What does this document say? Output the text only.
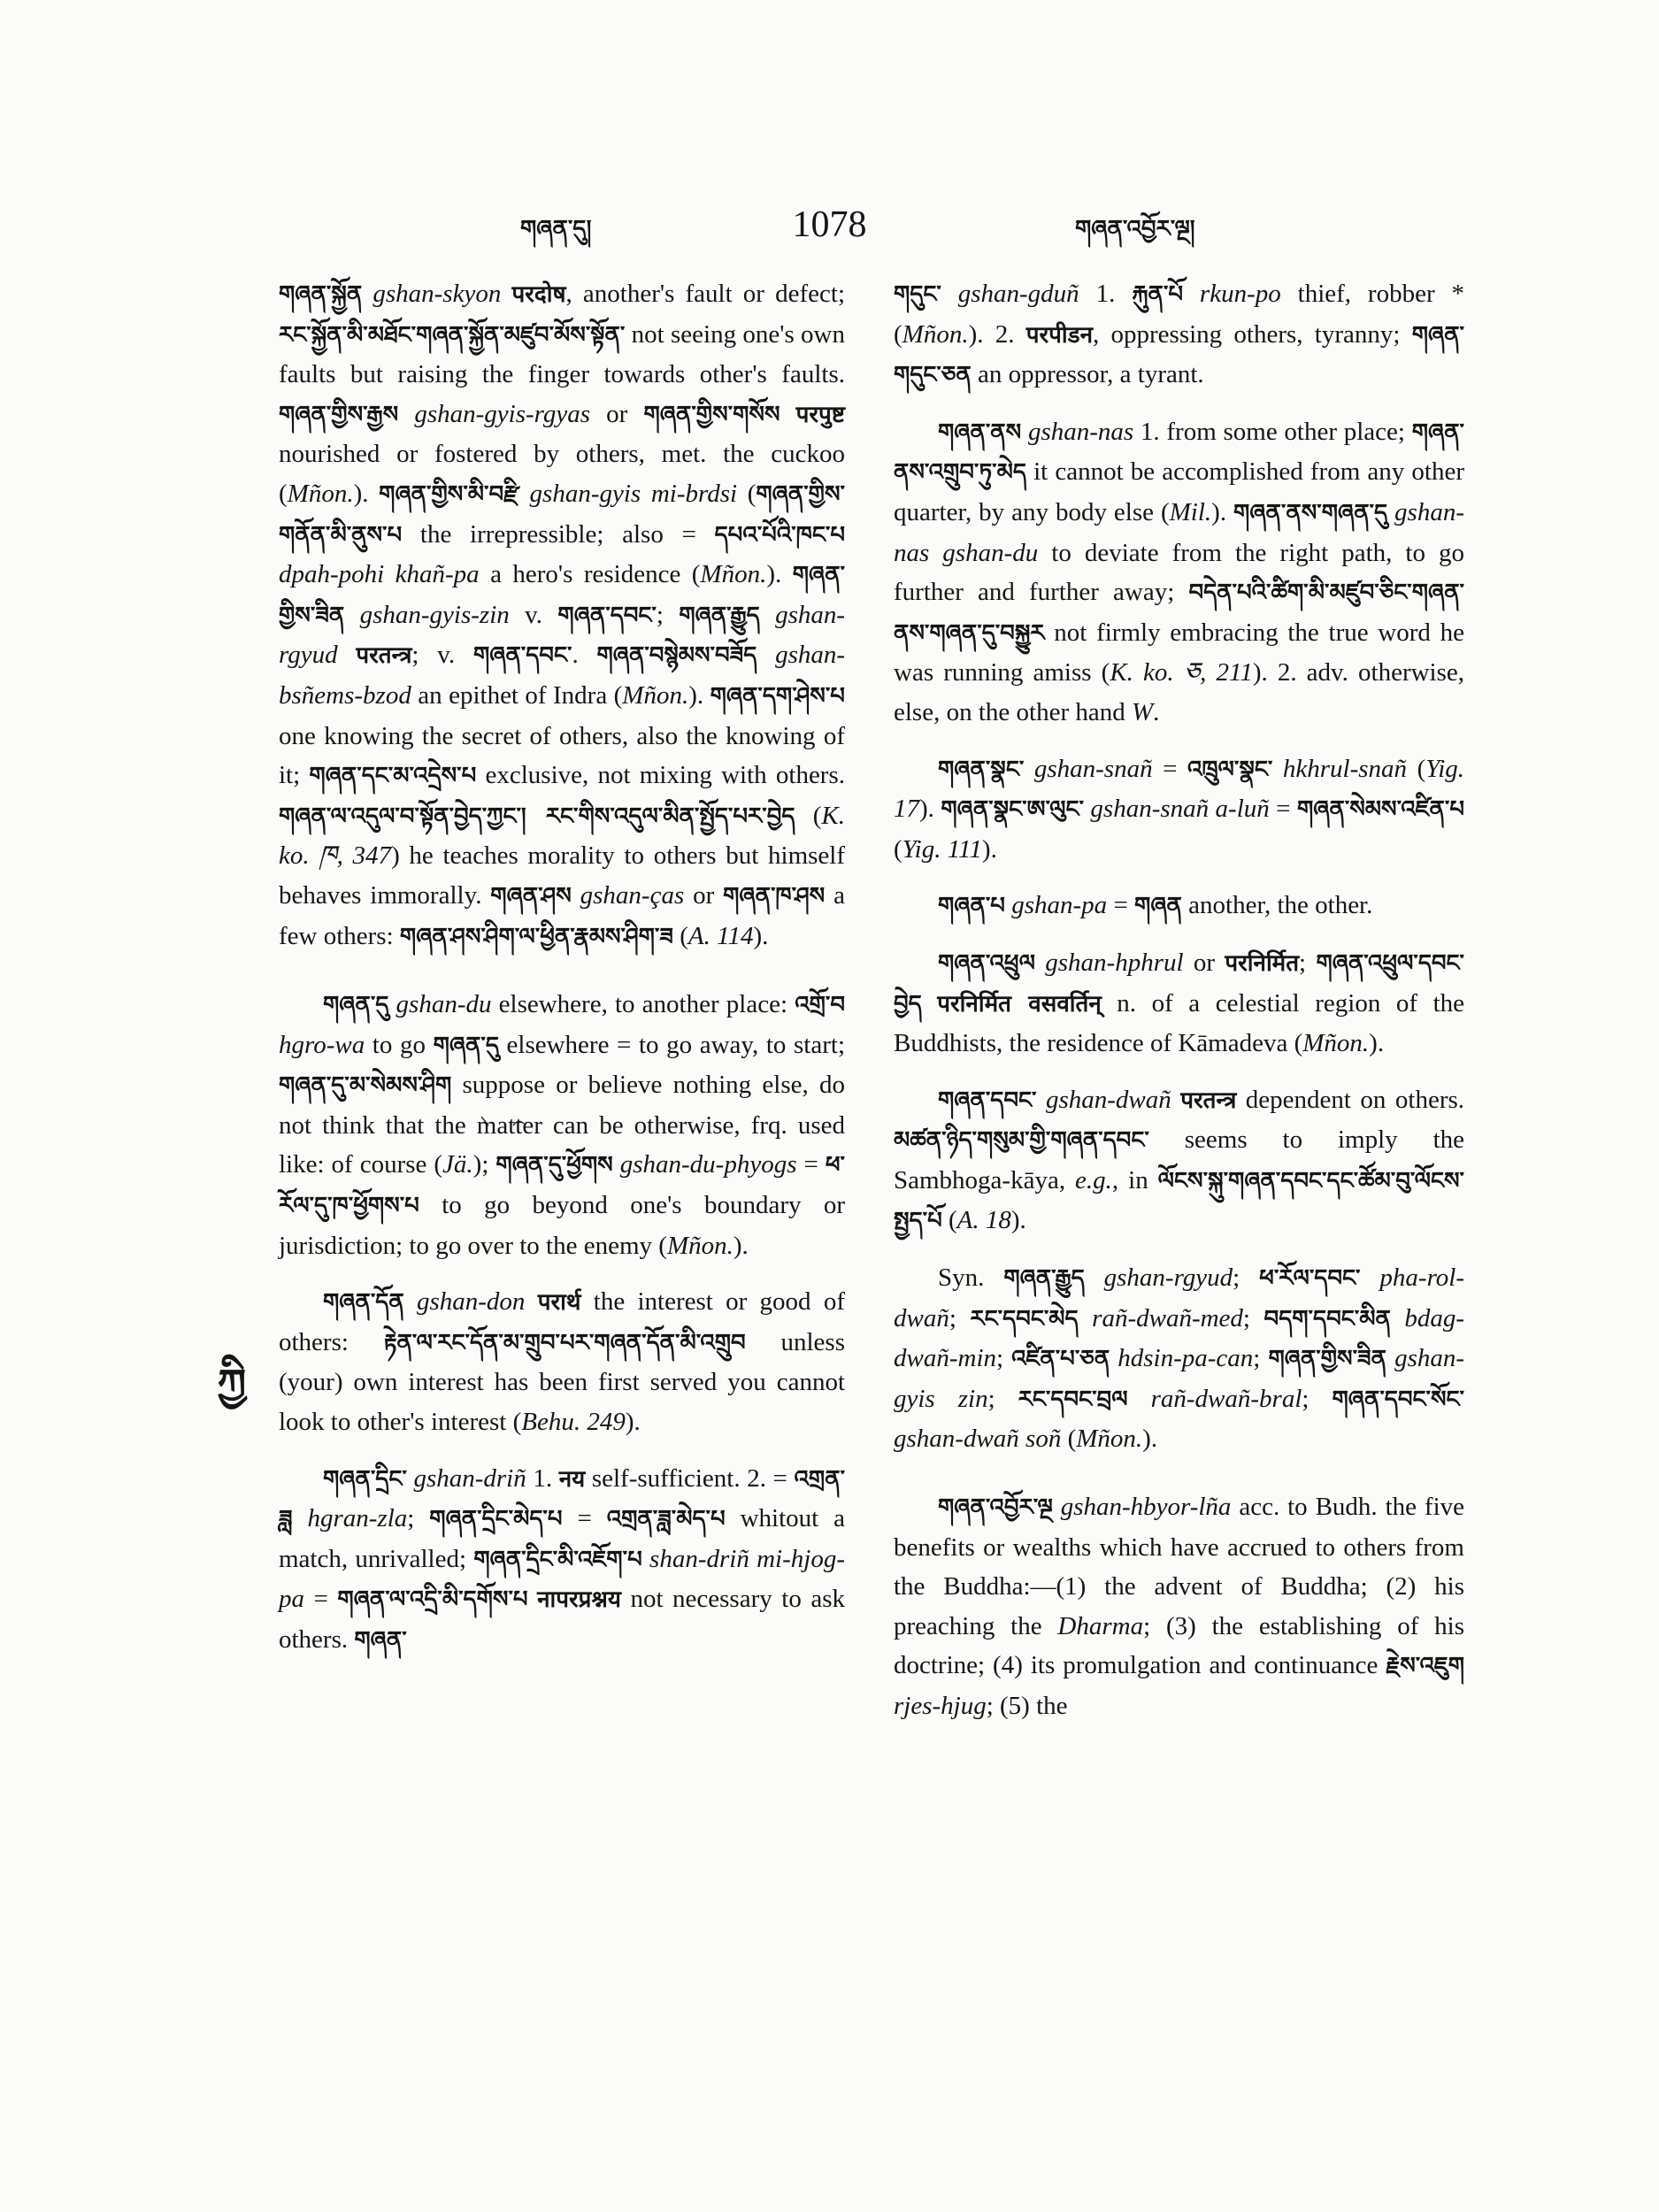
གཞན་དུ།	1078	གཞན་འབྱོར་ལྔ།
ཀྱི

གཞན་སྐྱོན gshan-skyon परदोष, another's fault or defect; རང་སྐྱོན་མི་མཐོང་གཞན་སྐྱོན་མཛུབ་མོས་སྟོན་ not seeing one's own faults but raising the finger towards other's faults. གཞན་གྱིས་རྒྱས gshan-gyis-rgyas or གཞན་གྱིས་གསོས परपुष्ट nourished or fostered by others, met. the cuckoo (Mñon.). གཞན་གྱིས་མི་བརྫི gshan-gyis mi-brdsi (གཞན་གྱིས་གནོན་མི་ནུས་པ the irrepressible; also = དཔའ་པོའི་ཁང་པ dpah-pohi khañ-pa a hero's residence (Mñon.). གཞན་གྱིས་ཟིན gshan-gyis-zin v. གཞན་དབང་; གཞན་རྒྱུད gshan-rgyud परतन्त्र; v. གཞན་དབང་. གཞན་བསྙེམས་བཟོད gshan-bsñems-bzod an epithet of Indra (Mñon.). གཞན་དག་ཤེས་པ one knowing the secret of others, also the knowing of it; གཞན་དང་མ་འདྲེས་པ exclusive, not mixing with others. གཞན་ལ་འདུལ་བ་སྟོན་བྱེད་ཀྱང་། རང་གིས་འདུལ་མིན་སྤྱོད་པར་བྱེད (K. ko. ཁ, 347) he teaches morality to others but himself behaves immorally. གཞན་ཤས gshan-ças or གཞན་ཁ་ཤས a few others: གཞན་ཤས་ཤིག་ལ་ཕྱིན་རྣམས་ཤིག་ཟ (A. 114).

གཞན་དུ gshan-du elsewhere, to another place: འགྲོ་བ hgro-wa to go གཞན་དུ elsewhere = to go away, to start; གཞན་དུ་མ་སེམས་ཤིག suppose or believe nothing else, do not think that the matter can be otherwise, frq. used like: of course (Jä.); གཞན་དུ་ཕྱོགས gshan-du-phyogs = ཕ་རོལ་དུ་ཁ་ཕྱོགས་པ to go beyond one's boundary or jurisdiction; to go over to the enemy (Mñon.).

གཞན་དོན gshan-don परार्थ the interest or good of others: རྟེན་ལ་རང་དོན་མ་གྲུབ་པར་གཞན་དོན་མི་འགྲུབ unless (your) own interest has been first served you cannot look to other's interest (Behu. 249).

གཞན་དྲིང་ gshan-driñ 1. नय self-sufficient. 2. = འགྲན་ཟླ hgran-zla; གཞན་དྲིང་མེད་པ = འགྲན་ཟླ་མེད་པ whitout a match, unrivalled; གཞན་དྲིང་མི་འཇོག་པ shan-driñ mi-hjog-pa = གཞན་ལ་འདྲི་མི་དགོས་པ नापरप्रश्नय not necessary to ask others. གཞན་

གདུང་ gshan-gduñ 1. རྐུན་པོ rkun-po thief, robber * (Mñon.). 2. परपीडन, oppressing others, tyranny; གཞན་གདུང་ཅན an oppressor, a tyrant.

གཞན་ནས gshan-nas 1. from some other place; གཞན་ནས་འགྲུབ་ཏུ་མེད it cannot be accomplished from any other quarter, by any body else (Mil.). གཞན་ནས་གཞན་དུ gshan-nas gshan-du to deviate from the right path, to go further and further away; བདེན་པའི་ཚིག་མི་མཛུབ་ཅིང་གཞན་ནས་གཞན་དུ་བསྐྱུར not firmly embracing the true word he was running amiss (K. ko. ཅ, 211). 2. adv. otherwise, else, on the other hand W.

གཞན་སྣང་ gshan-snañ = འཁྲུལ་སྣང་ hkhrul-snañ (Yig. 17). གཞན་སྣང་ཨ་ལུང་ gshan-snañ a-luñ = གཞན་སེམས་འཛིན་པ (Yig. 111).

གཞན་པ gshan-pa = གཞན another, the other.

གཞན་འཕྲུལ gshan-hphrul or परनिर्मित; གཞན་འཕྲུལ་དབང་བྱེད परनिर्मित वसवर्तिन् n. of a celestial region of the Buddhists, the residence of Kāmadeva (Mñon.).

གཞན་དབང་ gshan-dwañ परतन्त्र dependent on others. མཚན་ཉིད་གསུམ་གྱི་གཞན་དབང་ seems to imply the Sambhoga-kāya, e.g., in ལོངས་སྐུ་གཞན་དབང་དང་ཚོམ་བུ་ལོངས་སྤྱད་པོ (A. 18).

Syn. གཞན་རྒྱུད gshan-rgyud; ཕ་རོལ་དབང་ pha-rol-dwañ; རང་དབང་མེད rañ-dwañ-med; བདག་དབང་མིན bdag-dwañ-min; འཛིན་པ་ཅན hdsin-pa-can; གཞན་གྱིས་ཟིན gshan-gyis zin; རང་དབང་བྲལ rañ-dwañ-bral; གཞན་དབང་སོང་ gshan-dwañ soñ (Mñon.).

གཞན་འབྱོར་ལྔ gshan-hbyor-lña acc. to Budh. the five benefits or wealths which have accrued to others from the Buddha:—(1) the advent of Buddha; (2) his preaching the Dharma; (3) the establishing of his doctrine; (4) its promulgation and continuance རྗེས་འཇུག rjes-hjug; (5) the
